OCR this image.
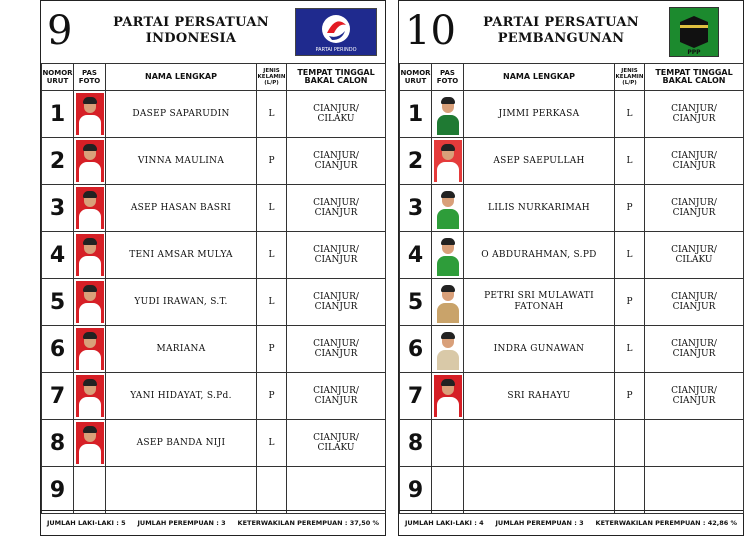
9	PARTAI PERSATUAN
INDONESIA
PARTAI PERINDO
NOMOR
URUT	PAS
FOTO	NAMA LENGKAP	JENIS
KELAMIN
(L/P)	TEMPAT TINGGAL
BAKAL CALON

1		DASEP SAPARUDIN	L	CIANJUR/
CILAKU

2		VINNA MAULINA	P	CIANJUR/
CIANJUR

3		ASEP HASAN BASRI	L	CIANJUR/
CIANJUR

4		TENI AMSAR MULYA	L	CIANJUR/
CIANJUR

5		YUDI IRAWAN, S.T.	L	CIANJUR/
CIANJUR

6		MARIANA	P	CIANJUR/
CIANJUR

7		YANI HIDAYAT, S.Pd.	P	CIANJUR/
CIANJUR

8		ASEP BANDA NIJI	L	CIANJUR/
CILAKU

9				
JUMLAH LAKI-LAKI : 5 JUMLAH PEREMPUAN : 3 KETERWAKILAN PEREMPUAN : 37,50 %
10	PARTAI PERSATUAN
PEMBANGUNAN
PPP
NOMOR
URUT	PAS
FOTO	NAMA LENGKAP	JENIS
KELAMIN
(L/P)	TEMPAT TINGGAL
BAKAL CALON

1		JIMMI PERKASA	L	CIANJUR/
CIANJUR

2		ASEP SAEPULLAH	L	CIANJUR/
CIANJUR

3		LILIS NURKARIMAH	P	CIANJUR/
CIANJUR

4		O ABDURAHMAN, S.PD	L	CIANJUR/
CILAKU

5		PETRI SRI MULAWATI FATONAH	P	CIANJUR/
CIANJUR

6		INDRA GUNAWAN	L	CIANJUR/
CIANJUR

7		SRI RAHAYU	P	CIANJUR/
CIANJUR

8				

9				
JUMLAH LAKI-LAKI : 4 JUMLAH PEREMPUAN : 3 KETERWAKILAN PEREMPUAN : 42,86 %
